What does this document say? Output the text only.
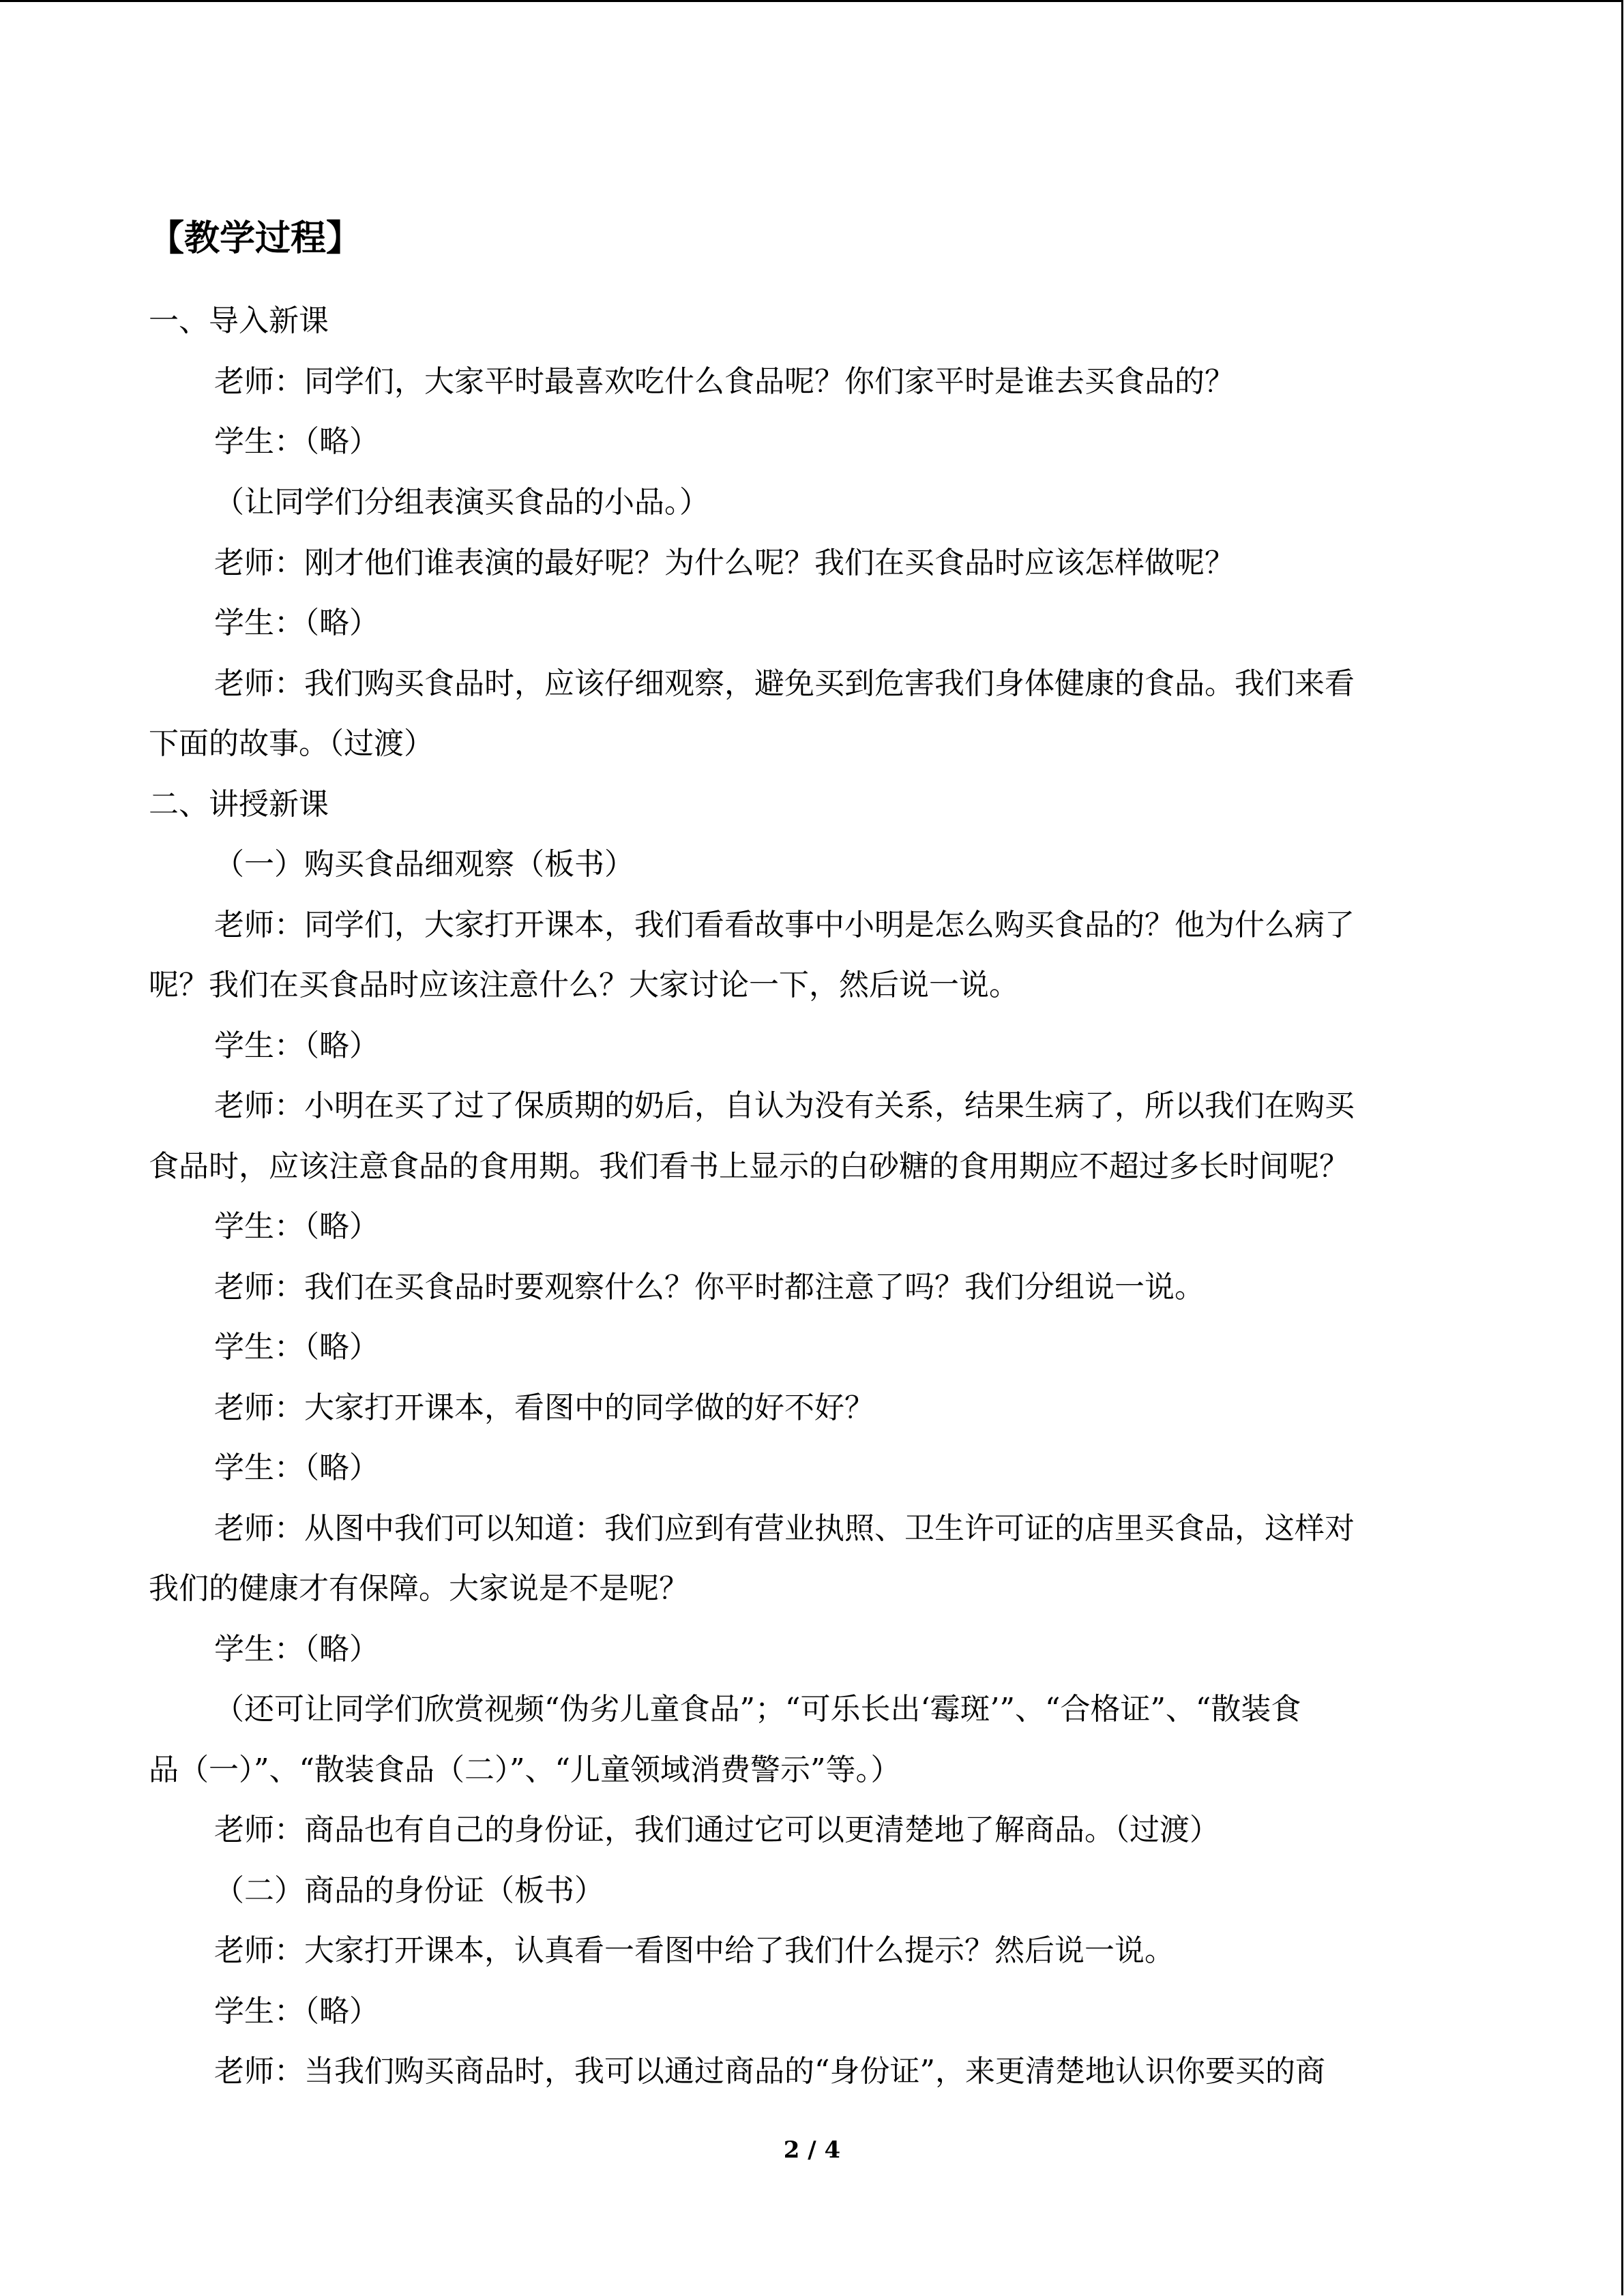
【教学过程】
一、导入新课
老师：同学们，大家平时最喜欢吃什么食品呢？你们家平时是谁去买食品的？
学生：（略）
（让同学们分组表演买食品的小品。）
老师：刚才他们谁表演的最好呢？为什么呢？我们在买食品时应该怎样做呢？
学生：（略）
老师：我们购买食品时，应该仔细观察，避免买到危害我们身体健康的食品。我们来看
下面的故事。（过渡）
二、讲授新课
（一）购买食品细观察（板书）
老师：同学们，大家打开课本，我们看看故事中小明是怎么购买食品的？他为什么病了
呢？我们在买食品时应该注意什么？大家讨论一下，然后说一说。
学生：（略）
老师：小明在买了过了保质期的奶后，自认为没有关系，结果生病了，所以我们在购买
食品时，应该注意食品的食用期。我们看书上显示的白砂糖的食用期应不超过多长时间呢？
学生：（略）
老师：我们在买食品时要观察什么？你平时都注意了吗？我们分组说一说。
学生：（略）
老师：大家打开课本，看图中的同学做的好不好？
学生：（略）
老师：从图中我们可以知道：我们应到有营业执照、卫生许可证的店里买食品，这样对
我们的健康才有保障。大家说是不是呢？
学生：（略）
（还可让同学们欣赏视频“伪劣儿童食品”；“可乐长出‘霉斑’”、“合格证”、“散装食
品（一）”、“散装食品（二）”、“儿童领域消费警示”等。）
老师：商品也有自己的身份证，我们通过它可以更清楚地了解商品。（过渡）
（二）商品的身份证（板书）
老师：大家打开课本，认真看一看图中给了我们什么提示？然后说一说。
学生：（略）
老师：当我们购买商品时，我可以通过商品的“身份证”，来更清楚地认识你要买的商
2 / 4
